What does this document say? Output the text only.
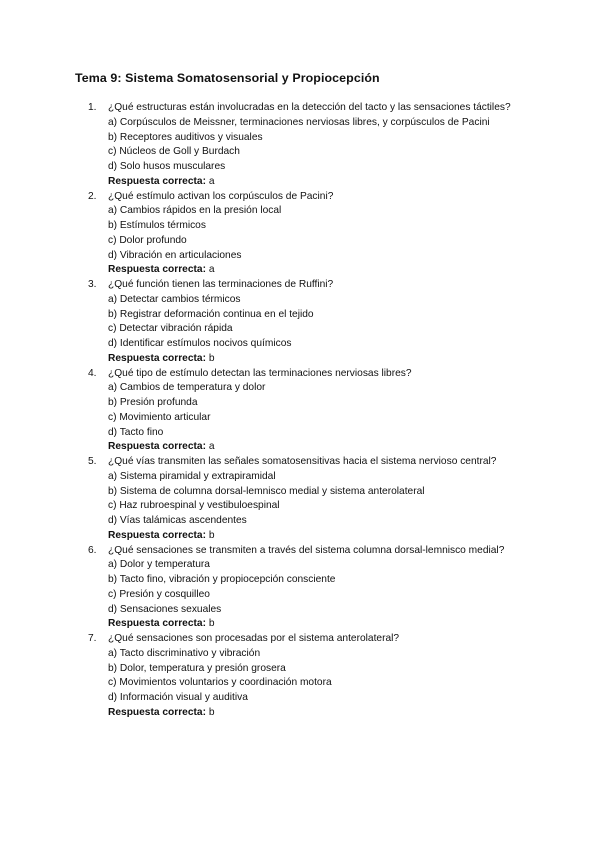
Tema 9: Sistema Somatosensorial y Propiocepción
1. ¿Qué estructuras están involucradas en la detección del tacto y las sensaciones táctiles?
a) Corpúsculos de Meissner, terminaciones nerviosas libres, y corpúsculos de Pacini
b) Receptores auditivos y visuales
c) Núcleos de Goll y Burdach
d) Solo husos musculares
Respuesta correcta: a
2. ¿Qué estímulo activan los corpúsculos de Pacini?
a) Cambios rápidos en la presión local
b) Estímulos térmicos
c) Dolor profundo
d) Vibración en articulaciones
Respuesta correcta: a
3. ¿Qué función tienen las terminaciones de Ruffini?
a) Detectar cambios térmicos
b) Registrar deformación continua en el tejido
c) Detectar vibración rápida
d) Identificar estímulos nocivos químicos
Respuesta correcta: b
4. ¿Qué tipo de estímulo detectan las terminaciones nerviosas libres?
a) Cambios de temperatura y dolor
b) Presión profunda
c) Movimiento articular
d) Tacto fino
Respuesta correcta: a
5. ¿Qué vías transmiten las señales somatosensitivas hacia el sistema nervioso central?
a) Sistema piramidal y extrapiramidal
b) Sistema de columna dorsal-lemnisco medial y sistema anterolateral
c) Haz rubroespinal y vestibuloespinal
d) Vías talámicas ascendentes
Respuesta correcta: b
6. ¿Qué sensaciones se transmiten a través del sistema columna dorsal-lemnisco medial?
a) Dolor y temperatura
b) Tacto fino, vibración y propiocepción consciente
c) Presión y cosquilleo
d) Sensaciones sexuales
Respuesta correcta: b
7. ¿Qué sensaciones son procesadas por el sistema anterolateral?
a) Tacto discriminativo y vibración
b) Dolor, temperatura y presión grosera
c) Movimientos voluntarios y coordinación motora
d) Información visual y auditiva
Respuesta correcta: b
